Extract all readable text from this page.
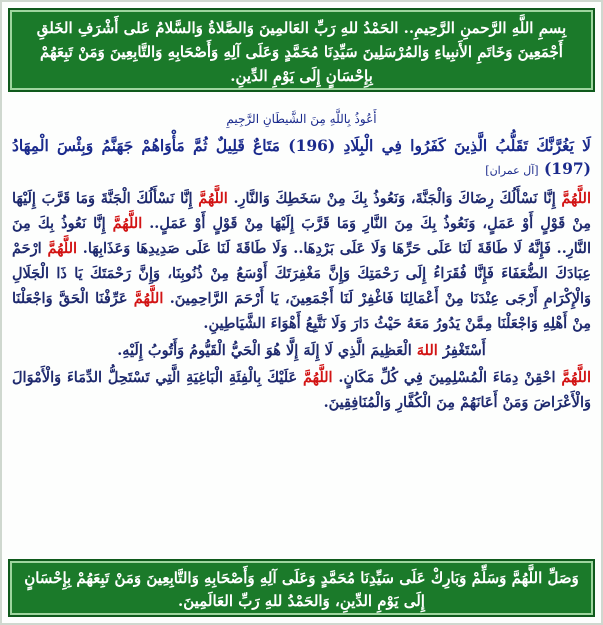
بِسمِ اللَّهِ الرَّحمنِ الرَّحِيمِ.. الحَمْدُ للهِ رَبِّ العَالمِينَ وَالصَّلاةُ وَالسَّلامُ عَلى أَشْرَفِ الخَلقِ أَجْمَعِينَ وَخَاتَمِ الأَنبِياءِ وَالمُرْسَلِينَ سَيِّدِنَا مُحَمَّدٍ وَعَلَى آلِهِ وَأَصْحَابِهِ وَالتَّابِعِينَ وَمَنْ تَبِعَهُمْ بِإِحْسَانٍ إِلَى يَوْمِ الدِّينِ.

أَعُوذُ بِاللَّهِ مِنَ الشَّيطَانِ الرَّجِيمِ

لَا يَغُرَّنَّكَ تَقَلُّبُ الَّذِينَ كَفَرُوا فِي الْبِلَادِ (196) مَتَاعٌ قَلِيلٌ ثُمَّ مَأْوَاهُمْ جَهَنَّمُ وَبِئْسَ الْمِهَادُ (197) [آل عمران]

اللَّهُمَّ إِنَّا نَسْأَلُكَ رِضَاكَ وَالْجَنَّةَ، وَنَعُوذُ بِكَ مِنْ سَخَطِكَ وَالنَّارِ. اللَّهُمَّ إِنَّا نَسْأَلُكَ الْجَنَّةَ وَمَا قَرَّبَ إِلَيْهَا مِنْ قَوْلٍ أَوْ عَمَلٍ، وَنَعُوذُ بِكَ مِنَ النَّارِ وَمَا قَرَّبَ إِلَيْهَا مِنْ قَوْلٍ أَوْ عَمَلٍ.. اللَّهُمَّ إِنَّا نَعُوذُ بِكَ مِنَ النَّارِ.. فَإِنَّهُ لَا طَاقَةَ لَنَا عَلَى حَرِّهَا وَلَا عَلَى بَرْدِهَا.. وَلَا طَاقَةَ لَنَا عَلَى صَدِيدِهَا وَعَذَابِهَا. اللَّهُمَّ ارْحَمْ عِبَادَكَ الضُّعَفَاءَ فَإِنَّا فُقَرَاءُ إِلَى رَحْمَتِكَ وَإِنَّ مَغْفِرَتَكَ أَوْسَعُ مِنْ ذُنُوبِنَا، وَإِنَّ رَحْمَتَكَ يَا ذَا الْجَلَالِ وَالْإِكْرَامِ أَرْجَى عِنْدَنَا مِنْ أَعْمَالِنَا فَاغْفِرْ لَنَا أَجْمَعِينَ، يَا أَرْحَمَ الرَّاحِمِينَ. اللَّهُمَّ عَرِّفْنَا الْحَقَّ وَاجْعَلْنَا مِنْ أَهْلِهِ وَاجْعَلْنَا مِمَّنْ يَدُورُ مَعَهُ حَيْثُ دَارَ وَلَا نَتَّبِعُ أَهْوَاءَ الشَّيَاطِينِ.

أَسْتَغْفِرُ اللهَ الْعَظِيمَ الَّذِي لَا إِلَهَ إِلَّا هُوَ الْحَيُّ الْقَيُّومُ وَأَتُوبُ إِلَيْهِ.

اللَّهُمَّ احْقِنْ دِمَاءَ الْمُسْلِمِينَ فِي كُلِّ مَكَانٍ. اللَّهُمَّ عَلَيْكَ بِالْفِئَةِ الْبَاغِيَةِ الَّتِي تَسْتَحِلُّ الدِّمَاءَ وَالْأَمْوَالَ وَالْأَعْرَاضَ وَمَنْ أَعَانَهُمْ مِنَ الْكُفَّارِ وَالْمُنَافِقِينَ.

وَصَلِّ اللَّهُمَّ وَسَلِّمْ وَبَارِكْ عَلَى سَيِّدِنَا مُحَمَّدٍ وَعَلَى آلِهِ وَأَصْحَابِهِ وَالتَّابِعِينَ وَمَنْ تَبِعَهُمْ بِإِحْسَانٍ إِلَى يَوْمِ الدِّينِ، وَالحَمْدُ للهِ رَبِّ العَالَمِينَ.
